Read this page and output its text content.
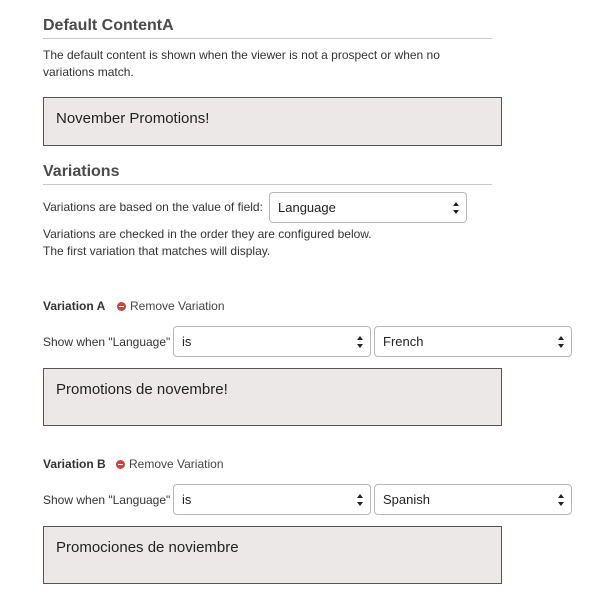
Default ContentA
The default content is shown when the viewer is not a prospect or when no
variations match.
November Promotions!
Variations
Variations are based on the value of field:	Language
Variations are checked in the order they are configured below.
The first variation that matches will display.
Variation A Remove Variation
Show when "Language" is	French
Promotions de novembre!
Variation B Remove Variation
Show when "Language" is	Spanish
Promociones de noviembre
